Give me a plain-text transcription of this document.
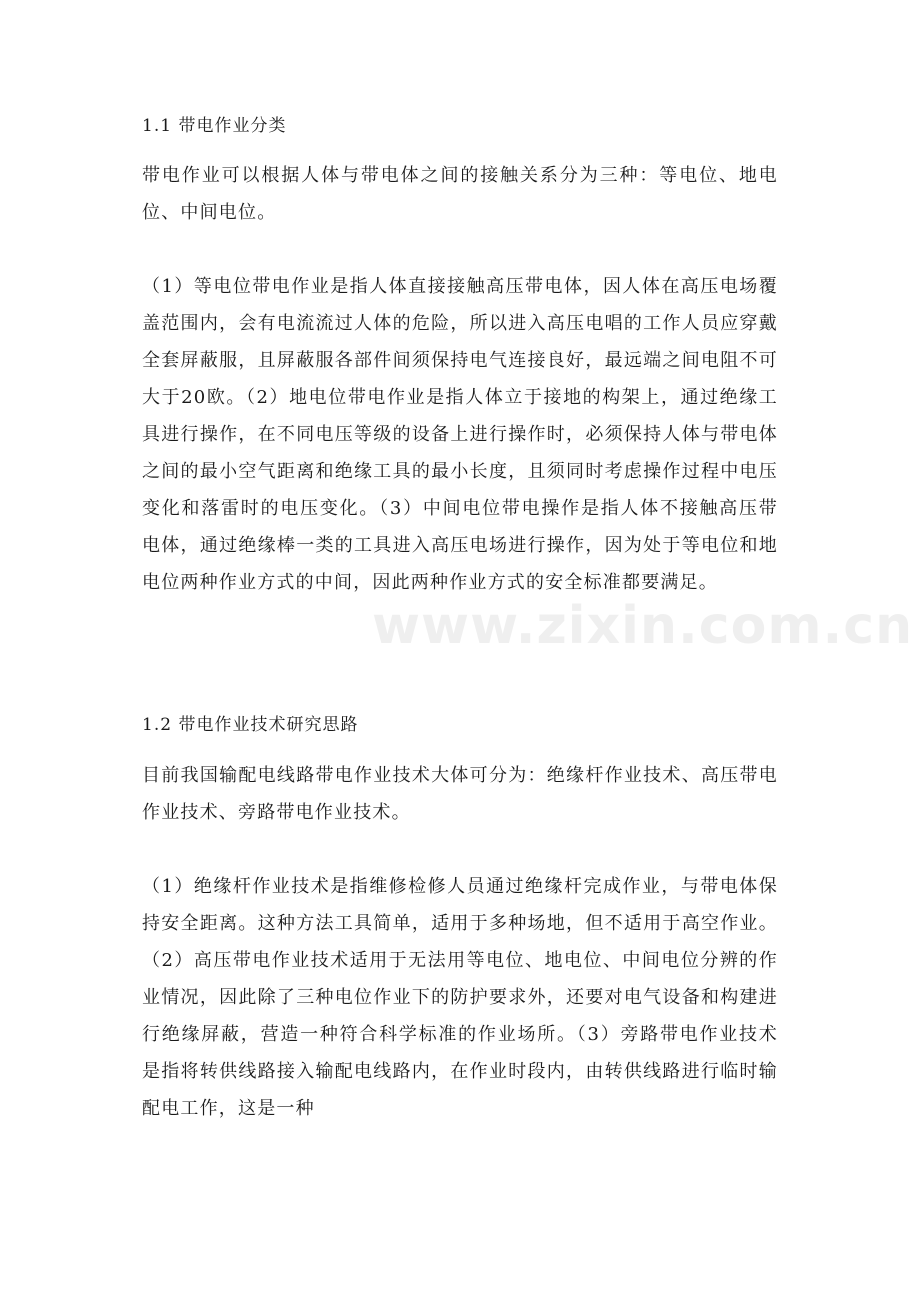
1.1 带电作业分类
带电作业可以根据人体与带电体之间的接触关系分为三种：等电位、地电位、中间电位。
（1）等电位带电作业是指人体直接接触高压带电体，因人体在高压电场覆盖范围内，会有电流流过人体的危险，所以进入高压电唱的工作人员应穿戴全套屏蔽服，且屏蔽服各部件间须保持电气连接良好，最远端之间电阻不可大于20欧。（2）地电位带电作业是指人体立于接地的构架上，通过绝缘工具进行操作，在不同电压等级的设备上进行操作时，必须保持人体与带电体之间的最小空气距离和绝缘工具的最小长度，且须同时考虑操作过程中电压变化和落雷时的电压变化。（3）中间电位带电操作是指人体不接触高压带电体，通过绝缘棒一类的工具进入高压电场进行操作，因为处于等电位和地电位两种作业方式的中间，因此两种作业方式的安全标准都要满足。
1.2 带电作业技术研究思路
目前我国输配电线路带电作业技术大体可分为：绝缘杆作业技术、高压带电作业技术、旁路带电作业技术。
（1）绝缘杆作业技术是指维修检修人员通过绝缘杆完成作业，与带电体保持安全距离。这种方法工具简单，适用于多种场地，但不适用于高空作业。（2）高压带电作业技术适用于无法用等电位、地电位、中间电位分辨的作业情况，因此除了三种电位作业下的防护要求外，还要对电气设备和构建进行绝缘屏蔽，营造一种符合科学标准的作业场所。（3）旁路带电作业技术是指将转供线路接入输配电线路内，在作业时段内，由转供线路进行临时输配电工作，这是一种
www.zixin.com.cn
